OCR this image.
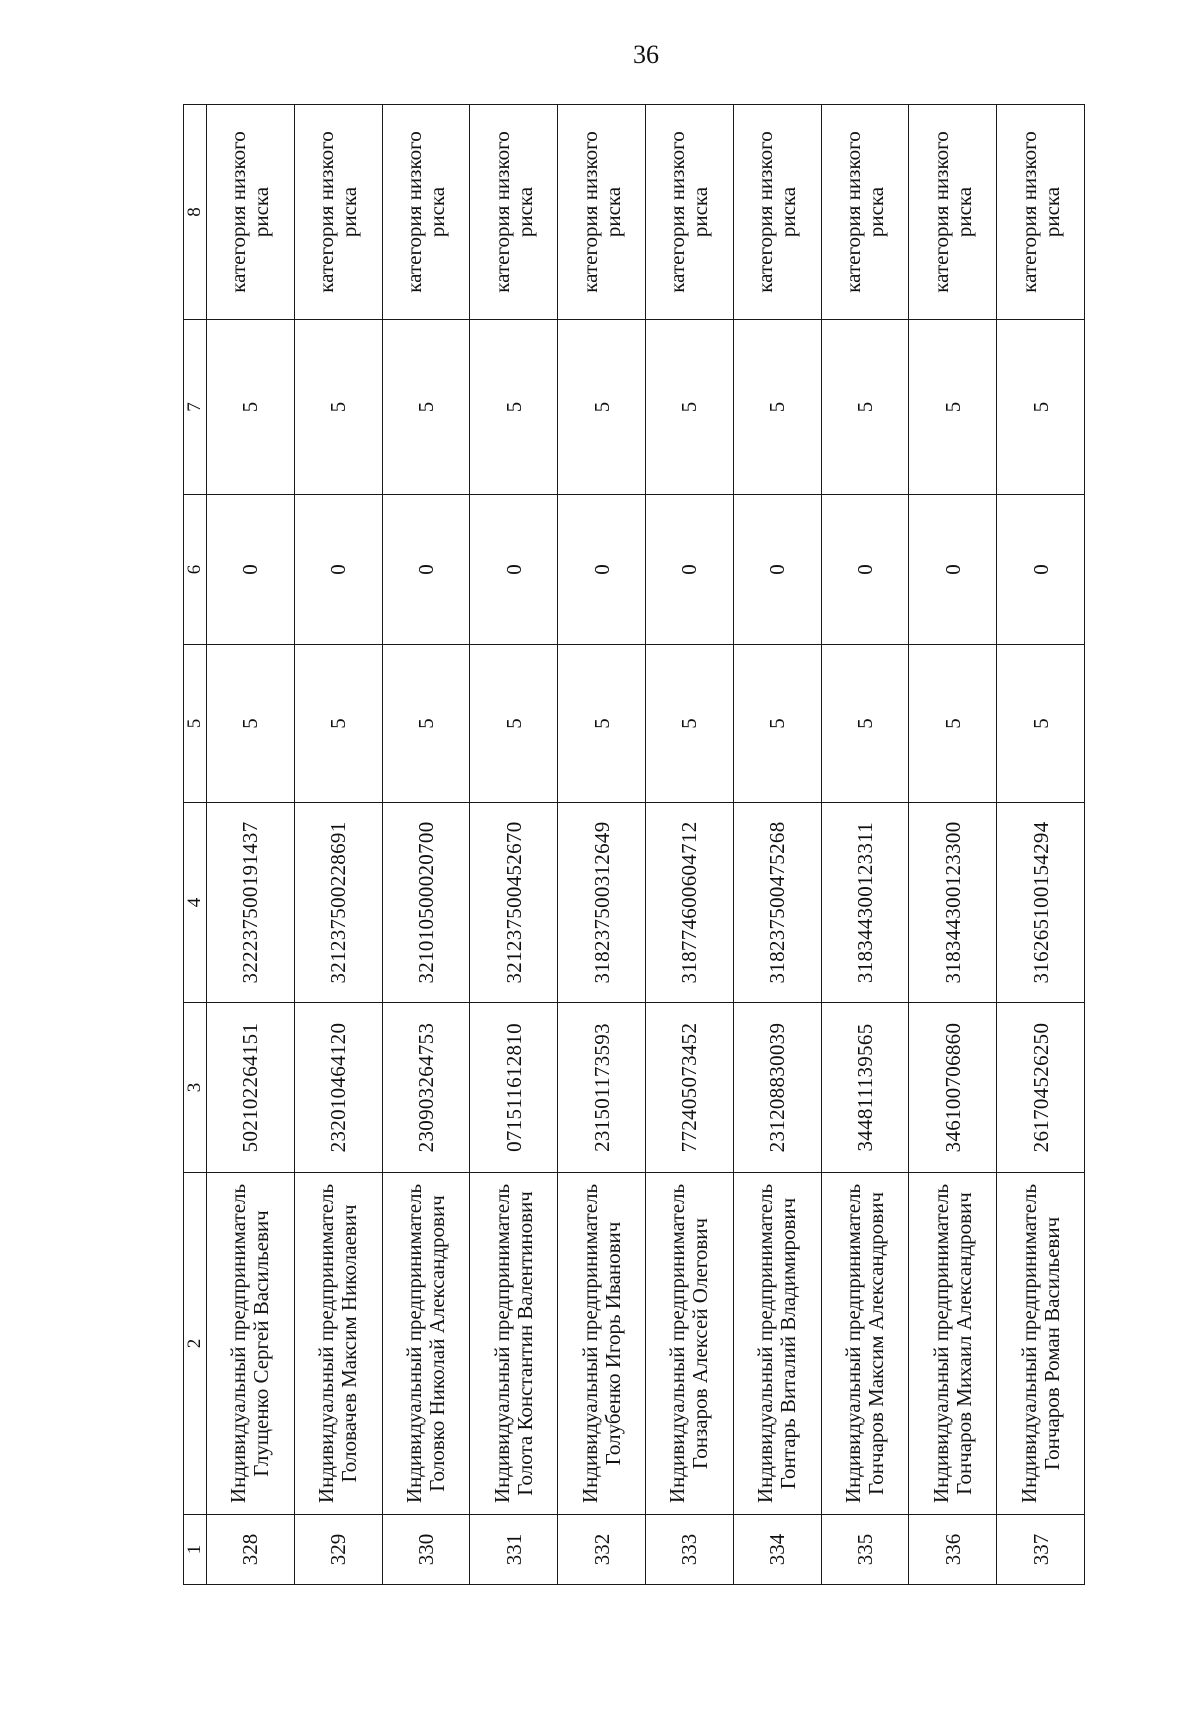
36
1	2	3	4	5	6	7	8
328	Индивидуальный предприниматель Глущенко Сергей Васильевич	502102264151	322237500191437	5	0	5	категория низкого риска
329	Индивидуальный предприниматель Головачев Максим Николаевич	232010464120	321237500228691	5	0	5	категория низкого риска
330	Индивидуальный предприниматель Головко Николай Александрович	230903264753	321010500020700	5	0	5	категория низкого риска
331	Индивидуальный предприниматель Голота Константин Валентинович	071511612810	321237500452670	5	0	5	категория низкого риска
332	Индивидуальный предприниматель Голубенко Игорь Иванович	231501173593	318237500312649	5	0	5	категория низкого риска
333	Индивидуальный предприниматель Гонзаров Алексей Олегович	772405073452	318774600604712	5	0	5	категория низкого риска
334	Индивидуальный предприниматель Гонтарь Виталий Владимирович	231208830039	318237500475268	5	0	5	категория низкого риска
335	Индивидуальный предприниматель Гончаров Максим Александрович	344811139565	318344300123311	5	0	5	категория низкого риска
336	Индивидуальный предприниматель Гончаров Михаил Александрович	346100706860	318344300123300	5	0	5	категория низкого риска
337	Индивидуальный предприниматель Гончаров Роман Васильевич	261704526250	316265100154294	5	0	5	категория низкого риска
